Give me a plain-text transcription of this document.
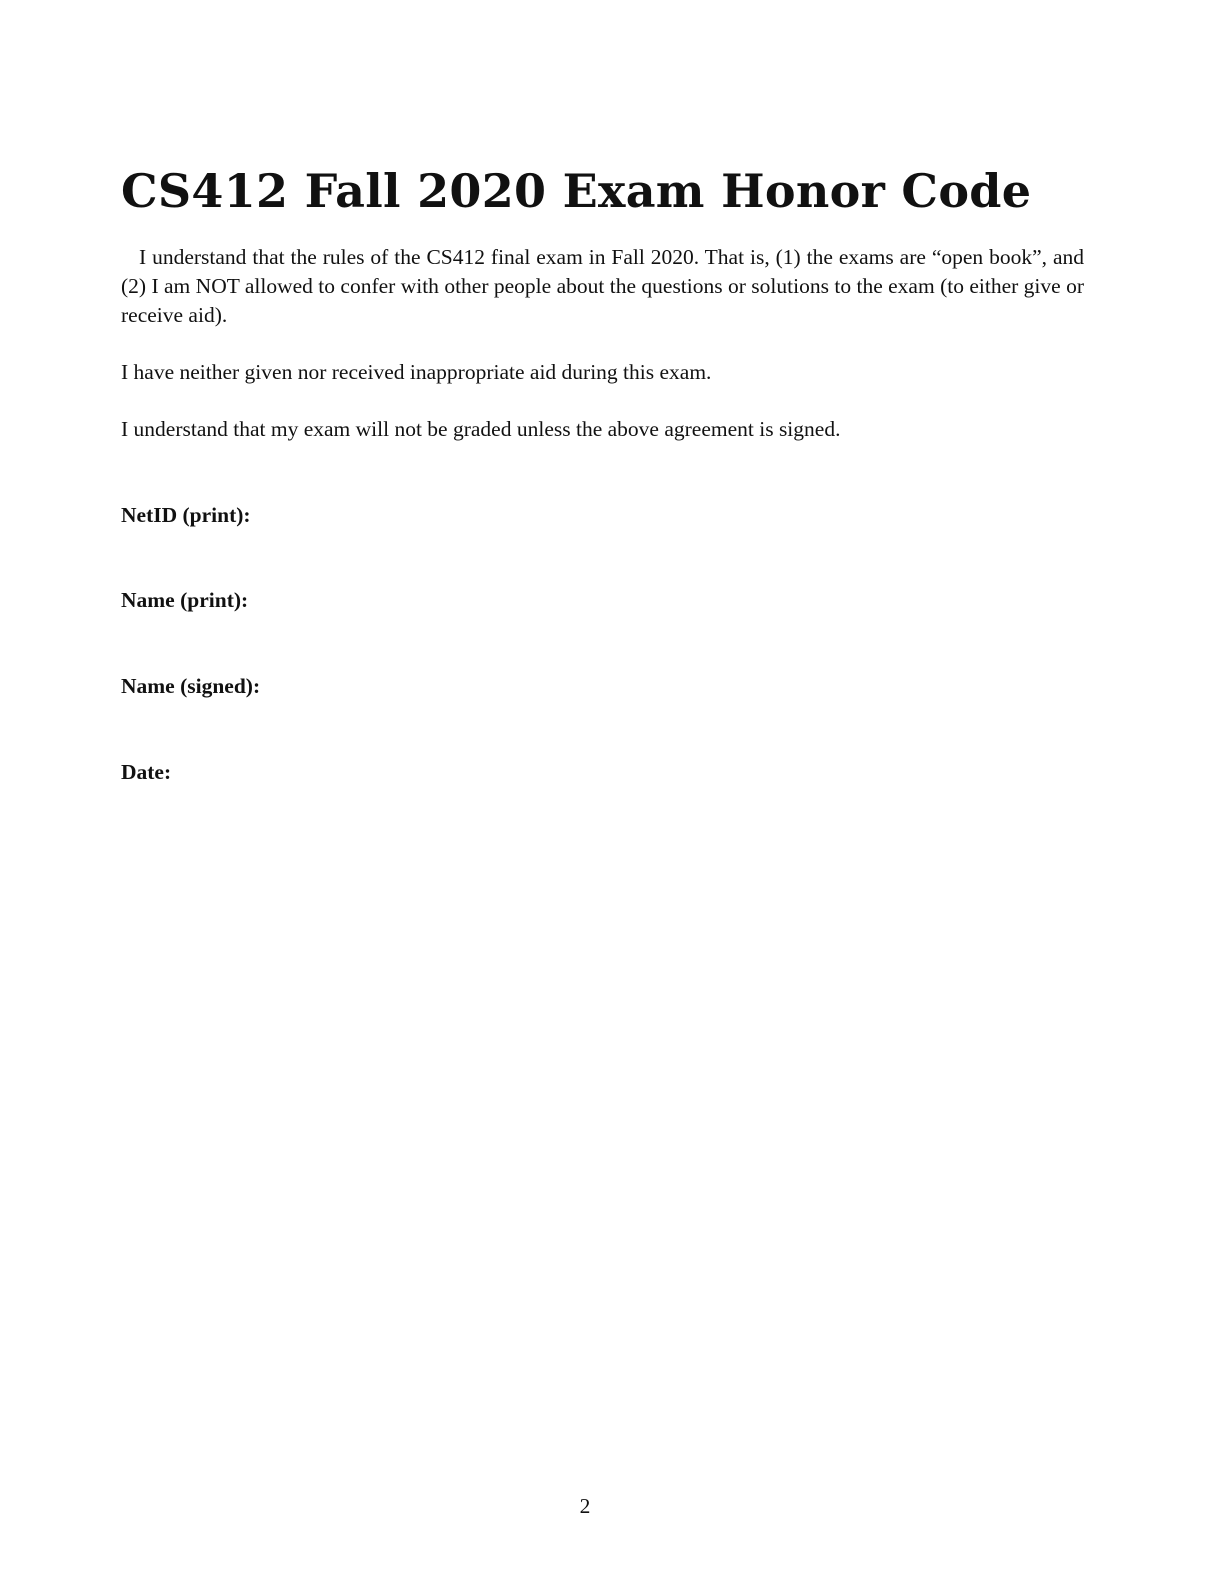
CS412 Fall 2020 Exam Honor Code

I understand that the rules of the CS412 final exam in Fall 2020. That is, (1) the exams are “open book”, and (2) I am NOT allowed to confer with other people about the questions or solutions to the exam (to either give or receive aid).

I have neither given nor received inappropriate aid during this exam.

I understand that my exam will not be graded unless the above agreement is signed.

NetID (print):
Name (print):
Name (signed):
Date:
2
